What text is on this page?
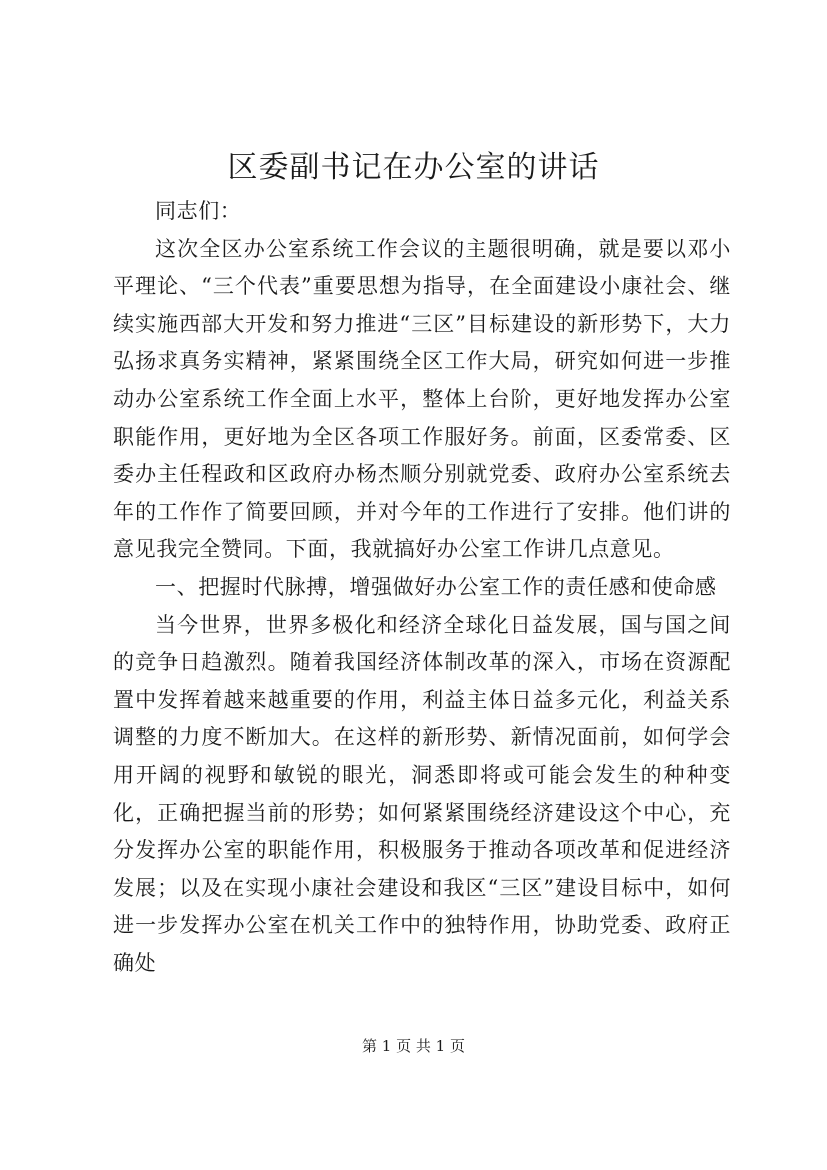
区委副书记在办公室的讲话

同志们：

这次全区办公室系统工作会议的主题很明确，就是要以邓小平理论、“三个代表”重要思想为指导，在全面建设小康社会、继续实施西部大开发和努力推进“三区”目标建设的新形势下，大力弘扬求真务实精神，紧紧围绕全区工作大局，研究如何进一步推动办公室系统工作全面上水平，整体上台阶，更好地发挥办公室职能作用，更好地为全区各项工作服好务。前面，区委常委、区委办主任程政和区政府办杨杰顺分别就党委、政府办公室系统去年的工作作了简要回顾，并对今年的工作进行了安排。他们讲的意见我完全赞同。下面，我就搞好办公室工作讲几点意见。

一、把握时代脉搏，增强做好办公室工作的责任感和使命感

当今世界，世界多极化和经济全球化日益发展，国与国之间的竞争日趋激烈。随着我国经济体制改革的深入，市场在资源配置中发挥着越来越重要的作用，利益主体日益多元化，利益关系调整的力度不断加大。在这样的新形势、新情况面前，如何学会用开阔的视野和敏锐的眼光，洞悉即将或可能会发生的种种变化，正确把握当前的形势；如何紧紧围绕经济建设这个中心，充分发挥办公室的职能作用，积极服务于推动各项改革和促进经济发展；以及在实现小康社会建设和我区“三区”建设目标中，如何进一步发挥办公室在机关工作中的独特作用，协助党委、政府正确处

第 1 页 共 1 页
